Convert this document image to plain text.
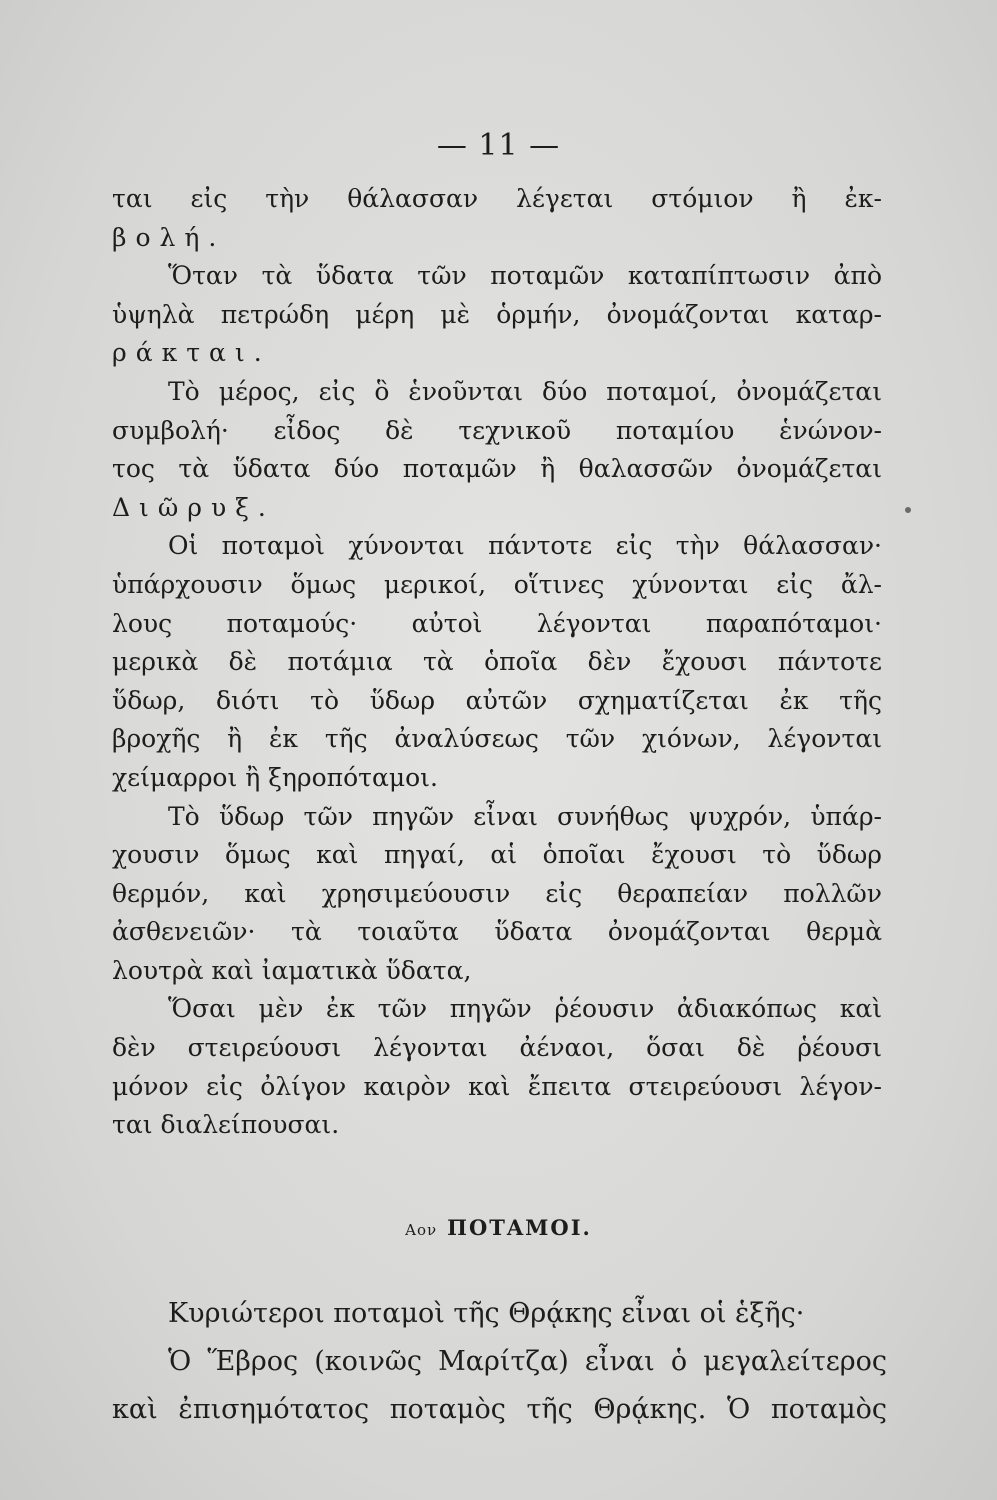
— 11 —
ται εἰς τὴν θάλασσαν λέγεται στόμιον ἢ ἐκ-
βολή.
Ὅταν τὰ ὕδατα τῶν ποταμῶν καταπίπτωσιν ἀπὸ
ὑψηλὰ πετρώδη μέρη μὲ ὁρμήν, ὀνομάζονται καταρ-
ράκται.
Τὸ μέρος, εἰς ὃ ἑνοῦνται δύο ποταμοί, ὀνομάζεται
συμβολή· εἶδος δὲ τεχνικοῦ ποταμίου ἑνώνον-
τος τὰ ὕδατα δύο ποταμῶν ἢ θαλασσῶν ὀνομάζεται
Διῶρυξ.
Οἱ ποταμοὶ χύνονται πάντοτε εἰς τὴν θάλασσαν·
ὑπάρχουσιν ὅμως μερικοί, οἵτινες χύνονται εἰς ἄλ-
λους ποταμούς· αὐτοὶ λέγονται παραπόταμοι·
μερικὰ δὲ ποτάμια τὰ ὁποῖα δὲν ἔχουσι πάντοτε
ὕδωρ, διότι τὸ ὕδωρ αὐτῶν σχηματίζεται ἐκ τῆς
βροχῆς ἢ ἐκ τῆς ἀναλύσεως τῶν χιόνων, λέγονται
χείμαρροι ἢ ξηροπόταμοι.
Τὸ ὕδωρ τῶν πηγῶν εἶναι συνήθως ψυχρόν, ὑπάρ-
χουσιν ὅμως καὶ πηγαί, αἱ ὁποῖαι ἔχουσι τὸ ὕδωρ
θερμόν, καὶ χρησιμεύουσιν εἰς θεραπείαν πολλῶν
ἀσθενειῶν· τὰ τοιαῦτα ὕδατα ὀνομάζονται θερμὰ
λουτρὰ καὶ ἰαματικὰ ὕδατα,
Ὅσαι μὲν ἐκ τῶν πηγῶν ῥέουσιν ἀδιακόπως καὶ
δὲν στειρεύουσι λέγονται ἀέναοι, ὅσαι δὲ ῥέουσι
μόνον εἰς ὀλίγον καιρὸν καὶ ἔπειτα στειρεύουσι λέγον-
ται διαλείπουσαι.
Αον ΠΟΤΑΜΟΙ.
Κυριώτεροι ποταμοὶ τῆς Θρᾴκης εἶναι οἱ ἑξῆς·
Ὁ Ἕβρος (κοινῶς Μαρίτζα) εἶναι ὁ μεγαλείτερος
καὶ ἐπισημότατος ποταμὸς τῆς Θρᾴκης. Ὁ ποταμὸς
